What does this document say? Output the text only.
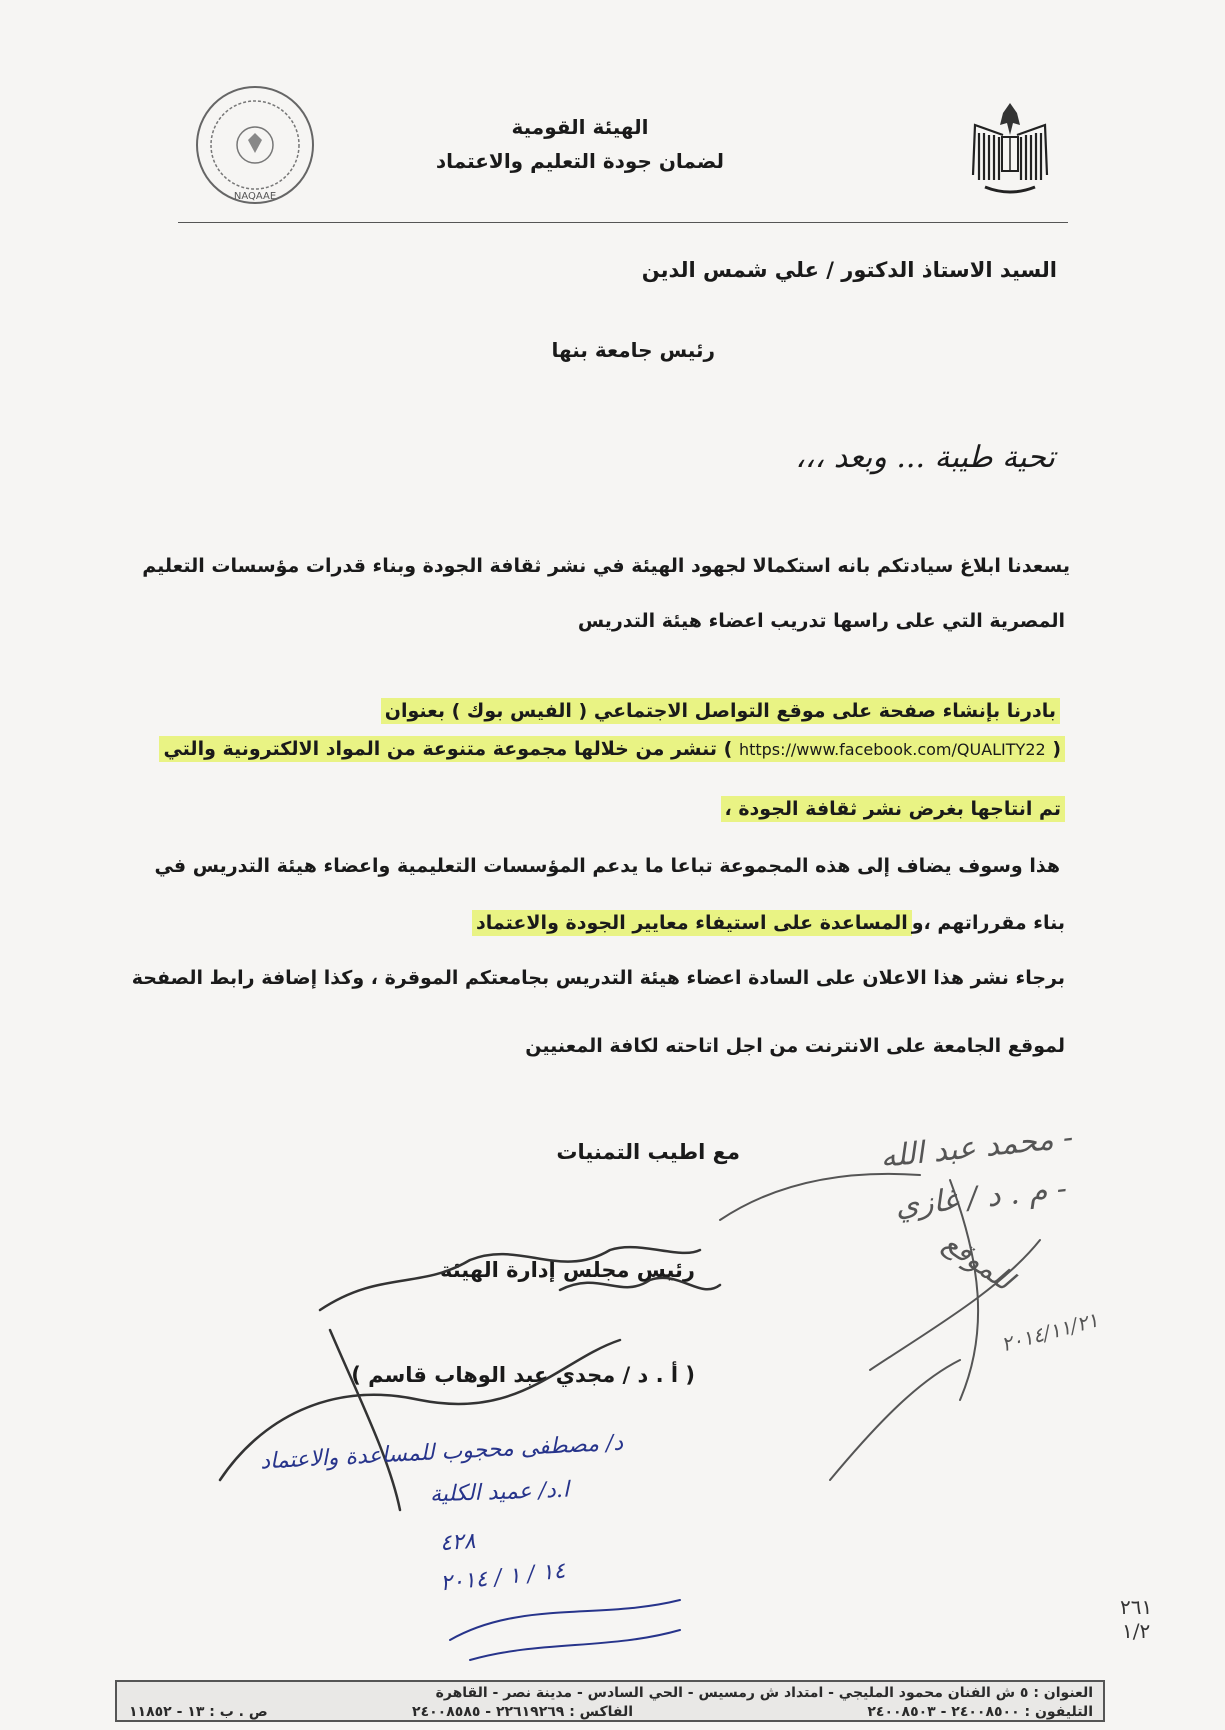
NAQAAE
الهيئة القومية
لضمان جودة التعليم والاعتماد
السيد الاستاذ الدكتور / علي شمس الدين
رئيس جامعة بنها
تحية طيبة ... وبعد ،،،
يسعدنا ابلاغ سيادتكم بانه استكمالا لجهود الهيئة في نشر ثقافة الجودة وبناء قدرات مؤسسات التعليم
المصرية التي على راسها تدريب اعضاء هيئة التدريس
بادرنا بإنشاء صفحة على موقع التواصل الاجتماعي ( الفيس بوك ) بعنوان
( https://www.facebook.com/QUALITY22 ) تنشر من خلالها مجموعة متنوعة من المواد الالكترونية والتي
تم انتاجها بغرض نشر ثقافة الجودة ،
هذا وسوف يضاف إلى هذه المجموعة تباعا ما يدعم المؤسسات التعليمية واعضاء هيئة التدريس في
بناء مقرراتهم ،والمساعدة على استيفاء معايير الجودة والاعتماد
برجاء نشر هذا الاعلان على السادة اعضاء هيئة التدريس بجامعتكم الموقرة ، وكذا إضافة رابط الصفحة
لموقع الجامعة على الانترنت من اجل اتاحته لكافة المعنيين
مع اطيب التمنيات
رئيس مجلس إدارة الهيئة
( أ . د / مجدي عبد الوهاب قاسم )
د/ مصطفى محجوب للمساعدة والاعتماد
ا.د/ عميد الكلية
٤٢٨
١٤ / ١ / ٢٠١٤
- محمد عبد الله
- م . د / غازي
للموقع
٢٠١٤/١١/٢١
٢٦١
١/٢
العنوان : ٥ ش الفنان محمود المليجي - امتداد ش رمسيس - الحي السادس - مدينة نصر - القاهرة
التليفون : ٢٤٠٠٨٥٠٠ - ٢٤٠٠٨٥٠٣
الفاكس : ٢٢٦١٩٢٦٩ - ٢٤٠٠٨٥٨٥
ص . ب : ١٣ - ١١٨٥٢
